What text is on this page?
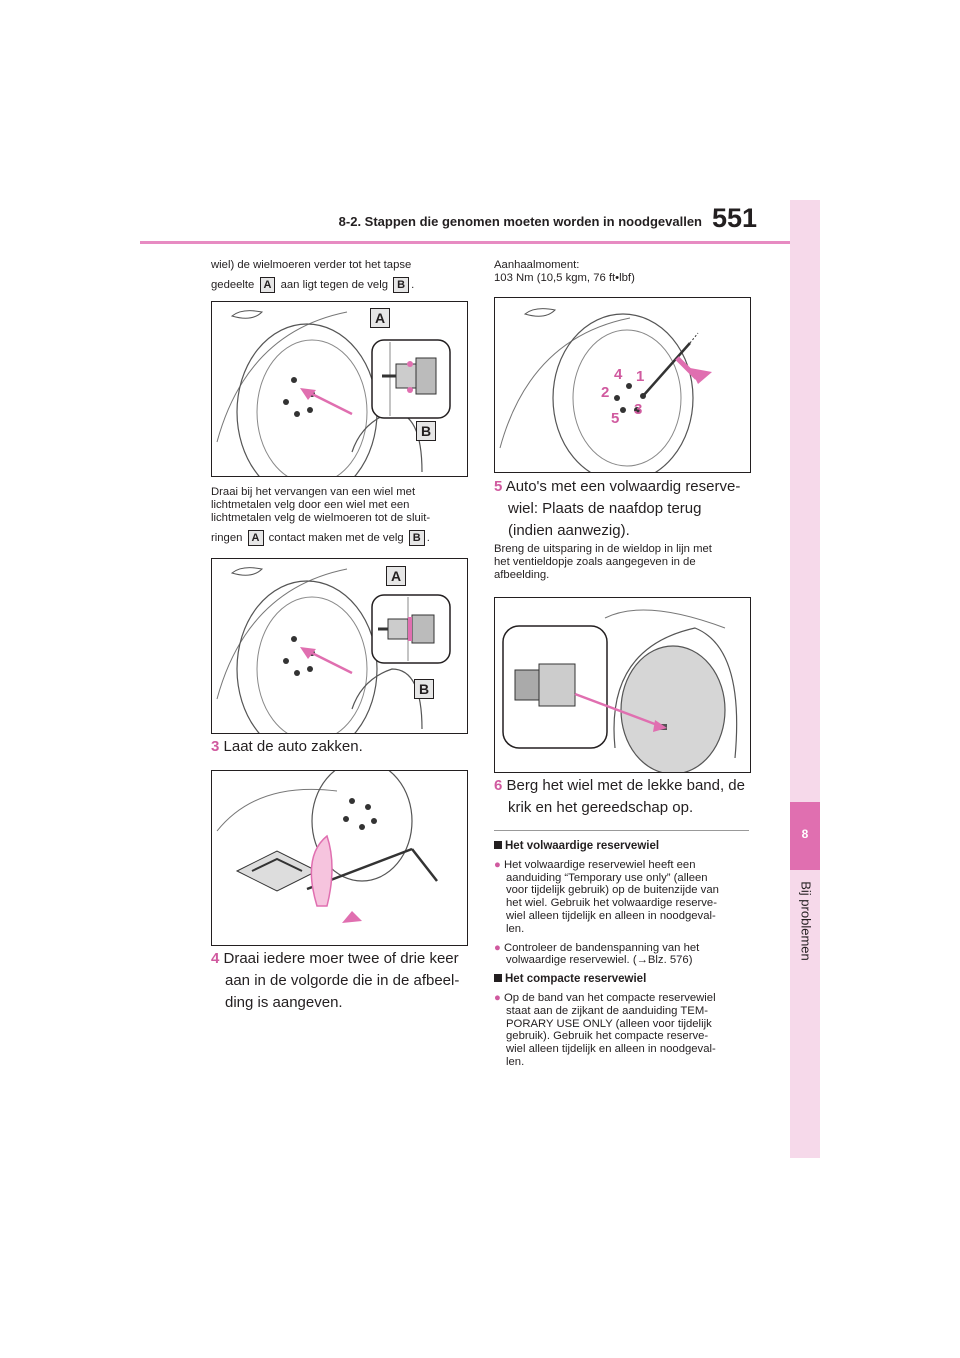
8-2. Stappen die genomen moeten worden in noodgevallen 551
8
Bij problemen
wiel) de wielmoeren verder tot het tapse
gedeelte A aan ligt tegen de velg B .
A
B
Draai bij het vervangen van een wiel met
lichtmetalen velg door een wiel met een
lichtmetalen velg de wielmoeren tot de sluit-
ringen A contact maken met de velg B .
A
B
3 Laat de auto zakken.
4 Draai iedere moer twee of drie keer
aan in de volgorde die in de afbeel-
ding is aangeven.
Aanhaalmoment:
103 Nm (10,5 kgm, 76 ft•lbf)
4 1
2
3
5
5 Auto's met een volwaardig reserve-
wiel: Plaats de naafdop terug
(indien aanwezig).
Breng de uitsparing in de wieldop in lijn met
het ventieldopje zoals aangegeven in de
afbeelding.
6 Berg het wiel met de lekke band, de
krik en het gereedschap op.
Het volwaardige reservewiel
● Het volwaardige reservewiel heeft een
aanduiding “Temporary use only” (alleen
voor tijdelijk gebruik) op de buitenzijde van
het wiel. Gebruik het volwaardige reserve-
wiel alleen tijdelijk en alleen in noodgeval-
len.
● Controleer de bandenspanning van het
volwaardige reservewiel. (→Blz. 576)
Het compacte reservewiel
● Op de band van het compacte reservewiel
staat aan de zijkant de aanduiding TEM-
PORARY USE ONLY (alleen voor tijdelijk
gebruik). Gebruik het compacte reserve-
wiel alleen tijdelijk en alleen in noodgeval-
len.
